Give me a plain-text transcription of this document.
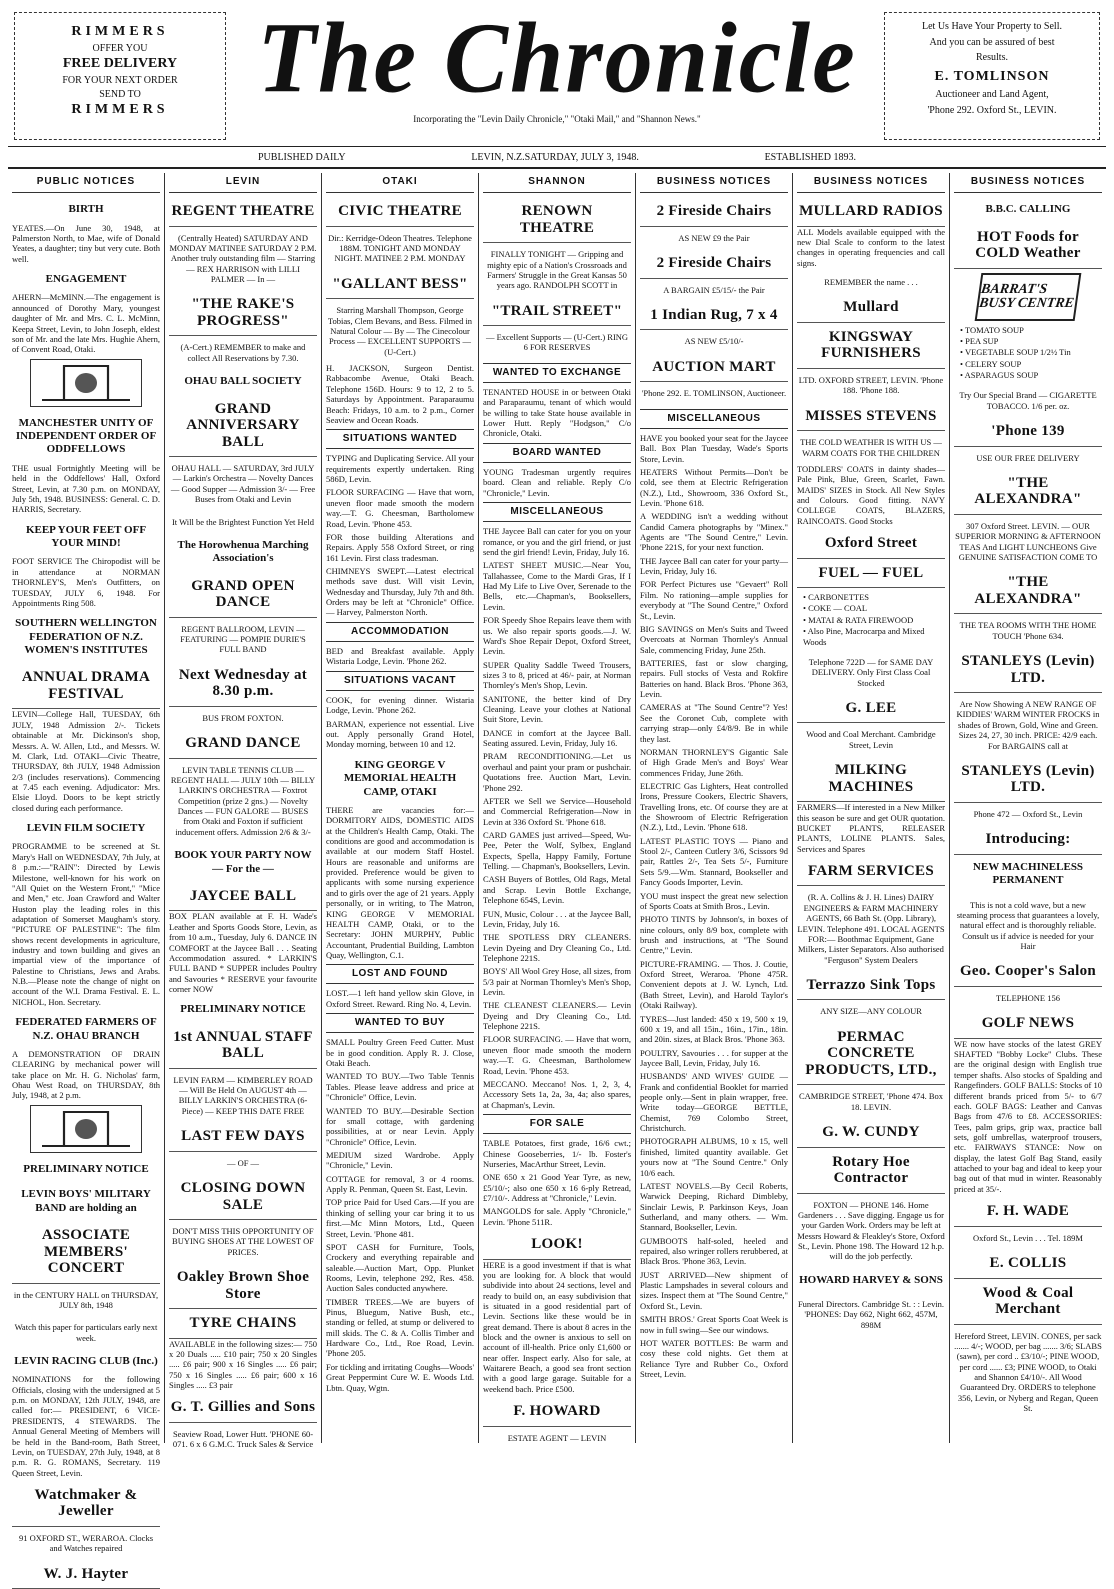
RIMMERS
OFFER YOU
FREE DELIVERY
FOR YOUR NEXT ORDER
SEND TO
RIMMERS The Chronicle
Incorporating the "Levin Daily Chronicle," "Otaki Mail," and "Shannon News."
Let Us Have Your Property to Sell.
And you can be assured of best
Results.
E. TOMLINSON
Auctioneer and Land Agent,
'Phone 292. Oxford St., LEVIN.
PUBLISHED DAILY	LEVIN, N.Z.SATURDAY, JULY 3, 1948.	ESTABLISHED 1893.
PUBLIC NOTICES
BIRTH

YEATES.—On June 30, 1948, at Palmerston North, to Mae, wife of Donald Yeates, a daughter; tiny but very cute. Both well.

ENGAGEMENT

AHERN—McMINN.—The engagement is announced of Dorothy Mary, youngest daughter of Mr. and Mrs. C. L. McMinn, Keepa Street, Levin, to John Joseph, eldest son of Mr. and the late Mrs. Hughie Ahern, of Convent Road, Otaki.

MANCHESTER UNITY OF INDEPENDENT ORDER OF ODDFELLOWS

THE usual Fortnightly Meeting will be held in the Oddfellows' Hall, Oxford Street, Levin, at 7.30 p.m. on MONDAY, July 5th, 1948. BUSINESS: General. C. D. HARRIS, Secretary.

KEEP YOUR FEET OFF YOUR MIND!

FOOT SERVICE The Chiropodist will be in attendance at NORMAN THORNLEY'S, Men's Outfitters, on TUESDAY, JULY 6, 1948. For Appointments Ring 508.

SOUTHERN WELLINGTON FEDERATION OF N.Z. WOMEN'S INSTITUTES
ANNUAL DRAMA FESTIVAL

LEVIN—College Hall, TUESDAY, 6th JULY, 1948 Admission 2/-. Tickets obtainable at Mr. Dickinson's shop, Messrs. A. W. Allen, Ltd., and Messrs. W. M. Clark, Ltd. OTAKI—Civic Theatre, THURSDAY, 8th JULY, 1948 Admission 2/3 (includes reservations). Commencing at 7.45 each evening. Adjudicator: Mrs. Elsie Lloyd. Doors to be kept strictly closed during each performance.

LEVIN FILM SOCIETY

PROGRAMME to be screened at St. Mary's Hall on WEDNESDAY, 7th July, at 8 p.m.:—"RAIN": Directed by Lewis Milestone, well-known for his work on "All Quiet on the Western Front," "Mice and Men," etc. Joan Crawford and Walter Huston play the leading roles in this adaptation of Somerset Maugham's story. "PICTURE OF PALESTINE": The film shows recent developments in agriculture, industry and town building and gives an impartial view of the importance of Palestine to Christians, Jews and Arabs. N.B.—Please note the change of night on account of the W.I. Drama Festival. E. L. NICHOL, Hon. Secretary.

FEDERATED FARMERS OF N.Z. OHAU BRANCH

A DEMONSTRATION OF DRAIN CLEARING by mechanical power will take place on Mr. H. G. Nicholas' farm, Ohau West Road, on THURSDAY, 8th July, 1948, at 2 p.m.

PRELIMINARY NOTICE
LEVIN BOYS' MILITARY BAND are holding an
ASSOCIATE MEMBERS' CONCERT

in the CENTURY HALL on THURSDAY, JULY 8th, 1948

Watch this paper for particulars early next week.

LEVIN RACING CLUB (Inc.)

NOMINATIONS for the following Officials, closing with the undersigned at 5 p.m. on MONDAY, 12th JULY, 1948, are called for:— PRESIDENT, 6 VICE-PRESIDENTS, 4 STEWARDS. The Annual General Meeting of Members will be held in the Band-room, Bath Street, Levin, on TUESDAY, 27th July, 1948, at 8 p.m. R. G. ROMANS, Secretary. 119 Queen Street, Levin.

Watchmaker & Jeweller

91 OXFORD ST., WERAROA. Clocks and Watches repaired

W. J. Hayter
LEVIN
REGENT THEATRE

(Centrally Heated) SATURDAY AND MONDAY MATINEE SATURDAY 2 P.M. Another truly outstanding film — Starring — REX HARRISON with LILLI PALMER — In —

"THE RAKE'S PROGRESS"

(A-Cert.) REMEMBER to make and collect All Reservations by 7.30.

OHAU BALL SOCIETY
GRAND ANNIVERSARY BALL

OHAU HALL — SATURDAY, 3rd JULY — Larkin's Orchestra — Novelty Dances — Good Supper — Admission 3/- — Free Buses from Otaki and Levin

It Will be the Brightest Function Yet Held

The Horowhenua Marching Association's
GRAND OPEN DANCE

REGENT BALLROOM, LEVIN — FEATURING — POMPIE DURIE'S FULL BAND

Next Wednesday at 8.30 p.m.

BUS FROM FOXTON.

GRAND DANCE

LEVIN TABLE TENNIS CLUB — REGENT HALL — JULY 10th — BILLY LARKIN'S ORCHESTRA — Foxtrot Competition (prize 2 gns.) — Novelty Dances — FUN GALORE — BUSES from Otaki and Foxton if sufficient inducement offers. Admission 2/6 & 3/-

BOOK YOUR PARTY NOW — For the —
JAYCEE BALL

BOX PLAN available at F. H. Wade's Leather and Sports Goods Store, Levin, as from 10 a.m., Tuesday, July 6. DANCE IN COMFORT at the Jaycee Ball . . . Seating Accommodation assured. * LARKIN'S FULL BAND * SUPPER includes Poultry and Savouries * RESERVE your favourite corner NOW

PRELIMINARY NOTICE
1st ANNUAL STAFF BALL

LEVIN FARM — KIMBERLEY ROAD — Will Be Held On AUGUST 4th — BILLY LARKIN'S ORCHESTRA (6-Piece) — KEEP THIS DATE FREE

LAST FEW DAYS

— OF —

CLOSING DOWN SALE

DON'T MISS THIS OPPORTUNITY OF BUYING SHOES AT THE LOWEST OF PRICES.

Oakley Brown Shoe Store
TYRE CHAINS

AVAILABLE in the following sizes:— 750 x 20 Duals ..... £10 pair; 750 x 20 Singles ..... £6 pair; 900 x 16 Singles ..... £6 pair; 750 x 16 Singles ..... £6 pair; 600 x 16 Singles ..... £3 pair

G. T. Gillies and Sons

Seaview Road, Lower Hutt. 'PHONE 60-071. 6 x 6 G.M.C. Truck Sales & Service

OTAKI
CIVIC THEATRE

Dir.: Kerridge-Odeon Theatres. Telephone 188M. TONIGHT AND MONDAY NIGHT. MATINEE 2 P.M. MONDAY

"GALLANT BESS"

Starring Marshall Thompson, George Tobias, Clem Bevans, and Bess. Filmed in Natural Colour — By — The Cinecolour Process — EXCELLENT SUPPORTS — (U-Cert.)

H. JACKSON, Surgeon Dentist. Rabbacombe Avenue, Otaki Beach. Telephone 156D. Hours: 9 to 12, 2 to 5. Saturdays by Appointment. Paraparaumu Beach: Fridays, 10 a.m. to 2 p.m., Corner Seaview and Ocean Roads.

SITUATIONS WANTED

TYPING and Duplicating Service. All your requirements expertly undertaken. Ring 586D, Levin.

FLOOR SURFACING — Have that worn, uneven floor made smooth the modern way.—T. G. Cheesman, Bartholomew Road, Levin. 'Phone 453.

FOR those building Alterations and Repairs. Apply 558 Oxford Street, or ring 161 Levin. First class tradesman.

CHIMNEYS SWEPT.—Latest electrical methods save dust. Will visit Levin, Wednesday and Thursday, July 7th and 8th. Orders may be left at "Chronicle" Office. — Harvey, Palmerston North.

ACCOMMODATION

BED and Breakfast available. Apply Wistaria Lodge, Levin. 'Phone 262.

SITUATIONS VACANT

COOK, for evening dinner. Wistaria Lodge, Levin. 'Phone 262.

BARMAN, experience not essential. Live out. Apply personally Grand Hotel, Monday morning, between 10 and 12.

KING GEORGE V MEMORIAL HEALTH CAMP, OTAKI

THERE are vacancies for:— DORMITORY AIDS, DOMESTIC AIDS at the Children's Health Camp, Otaki. The conditions are good and accommodation is available at our modern Staff Hostel. Hours are reasonable and uniforms are provided. Preference would be given to applicants with some nursing experience and to girls over the age of 21 years. Apply personally, or in writing, to The Matron, KING GEORGE V MEMORIAL HEALTH CAMP, Otaki, or to the Secretary: JOHN MURPHY, Public Accountant, Prudential Building, Lambton Quay, Wellington, C.1.

LOST AND FOUND

LOST.—1 left hand yellow skin Glove, in Oxford Street. Reward. Ring No. 4, Levin.

WANTED TO BUY

SMALL Poultry Green Feed Cutter. Must be in good condition. Apply R. J. Close, Otaki Beach.

WANTED TO BUY.—Two Table Tennis Tables. Please leave address and price at "Chronicle" Office, Levin.

WANTED TO BUY.—Desirable Section for small cottage, with gardening possibilities, at or near Levin. Apply "Chronicle" Office, Levin.

MEDIUM sized Wardrobe. Apply "Chronicle," Levin.

COTTAGE for removal, 3 or 4 rooms. Apply R. Penman, Queen St. East, Levin.

TOP price Paid for Used Cars.—If you are thinking of selling your car bring it to us first.—Mc Minn Motors, Ltd., Queen Street, Levin. 'Phone 481.

SPOT CASH for Furniture, Tools, Crockery and everything repairable and saleable.—Auction Mart, Opp. Plunket Rooms, Levin, telephone 292, Res. 458. Auction Sales conducted anywhere.

TIMBER TREES.—We are buyers of Pinus, Bluegum, Native Bush, etc., standing or felled, at stump or delivered to mill skids. The C. & A. Collis Timber and Hardware Co., Ltd., Roe Road, Levin. 'Phone 205.

For tickling and irritating Coughs—Woods' Great Peppermint Cure W. E. Woods Ltd. Lbtn. Quay, Wgtn.

SHANNON
RENOWN THEATRE

FINALLY TONIGHT — Gripping and mighty epic of a Nation's Crossroads and Farmers' Struggle in the Great Kansas 50 years ago. RANDOLPH SCOTT in

"TRAIL STREET"

— Excellent Supports — (U-Cert.) RING 6 FOR RESERVES

WANTED TO EXCHANGE

TENANTED HOUSE in or between Otaki and Paraparaumu, tenant of which would be willing to take State house available in Lower Hutt. Reply "Hodgson," C/o Chronicle, Otaki.

BOARD WANTED

YOUNG Tradesman urgently requires board. Clean and reliable. Reply C/o "Chronicle," Levin.

MISCELLANEOUS

THE Jaycee Ball can cater for you on your romance, or you and the girl friend, or just send the girl friend! Levin, Friday, July 16.

LATEST SHEET MUSIC.—Near You, Tallahassee, Come to the Mardi Gras, If I Had My Life to Live Over, Serenade to the Bells, etc.—Chapman's, Booksellers, Levin.

FOR Speedy Shoe Repairs leave them with us. We also repair sports goods.—J. W. Ward's Shoe Repair Depot, Oxford Street, Levin.

SUPER Quality Saddle Tweed Trousers, sizes 3 to 8, priced at 46/- pair, at Norman Thornley's Men's Shop, Levin.

SANITONE, the better kind of Dry Cleaning. Leave your clothes at National Suit Store, Levin.

DANCE in comfort at the Jaycee Ball. Seating assured. Levin, Friday, July 16.

PRAM RECONDITIONING.—Let us overhaul and paint your pram or pushchair. Quotations free. Auction Mart, Levin. 'Phone 292.

AFTER we Sell we Service—Household and Commercial Refrigeration—Now in Levin at 336 Oxford St. 'Phone 618.

CARD GAMES just arrived—Speed, Wu-Pee, Peter the Wolf, Sylbex, England Expects, Spella, Happy Family, Fortune Telling. — Chapman's, Booksellers, Levin.

CASH Buyers of Bottles, Old Rags, Metal and Scrap. Levin Bottle Exchange, Telephone 654S, Levin.

FUN, Music, Colour . . . at the Jaycee Ball, Levin, Friday, July 16.

THE SPOTLESS DRY CLEANERS. Levin Dyeing and Dry Cleaning Co., Ltd. Telephone 221S.

BOYS' All Wool Grey Hose, all sizes, from 5/3 pair at Norman Thornley's Men's Shop, Levin.

THE CLEANEST CLEANERS.— Levin Dyeing and Dry Cleaning Co., Ltd. Telephone 221S.

FLOOR SURFACING. — Have that worn, uneven floor made smooth the modern way.—T. G. Cheesman, Bartholomew Road, Levin. 'Phone 453.

MECCANO. Meccano! Nos. 1, 2, 3, 4, Accessory Sets 1a, 2a, 3a, 4a; also spares, at Chapman's, Levin.

FOR SALE

TABLE Potatoes, first grade, 16/6 cwt.; Chinese Gooseberries, 1/- lb. Foster's Nurseries, MacArthur Street, Levin.

ONE 650 x 21 Good Year Tyre, as new, £5/10/-; also one 650 x 16 6-ply Retread, £7/10/-. Address at "Chronicle," Levin.

MANGOLDS for sale. Apply "Chronicle," Levin. 'Phone 511R.

LOOK!

HERE is a good investment if that is what you are looking for. A block that would subdivide into about 24 sections, level and ready to build on, an easy subdivision that is situated in a good residential part of Levin. Sections like these would be in great demand. There is about 8 acres in the block and the owner is anxious to sell on account of ill-health. Price only £1,600 or near offer. Inspect early. Also for sale, at Waitarere Beach, a good sea front section with a good large garage. Suitable for a weekend bach. Price £500.

F. HOWARD

ESTATE AGENT — LEVIN

BUSINESS NOTICES
2 Fireside Chairs

AS NEW £9 the Pair

2 Fireside Chairs

A BARGAIN £5/15/- the Pair

1 Indian Rug, 7 x 4

AS NEW £5/10/-

AUCTION MART

'Phone 292. E. TOMLINSON, Auctioneer.

MISCELLANEOUS

HAVE you booked your seat for the Jaycee Ball. Box Plan Tuesday, Wade's Sports Store, Levin.

HEATERS Without Permits—Don't be cold, see them at Electric Refrigeration (N.Z.), Ltd., Showroom, 336 Oxford St., Levin. 'Phone 618.

A WEDDING isn't a wedding without Candid Camera photographs by "Minex." Agents are "The Sound Centre," Levin. 'Phone 221S, for your next function.

THE Jaycee Ball can cater for your party—Levin, Friday, July 16.

FOR Perfect Pictures use "Gevaert" Roll Film. No rationing—ample supplies for everybody at "The Sound Centre," Oxford St., Levin.

BIG SAVINGS on Men's Suits and Tweed Overcoats at Norman Thornley's Annual Sale, commencing Friday, June 25th.

BATTERIES, fast or slow charging, repairs. Full stocks of Vesta and Rokfire Batteries on hand. Black Bros. 'Phone 363, Levin.

CAMERAS at "The Sound Centre"? Yes! See the Coronet Cub, complete with carrying strap—only £4/8/9. Be in while they last.

NORMAN THORNLEY'S Gigantic Sale of High Grade Men's and Boys' Wear commences Friday, June 26th.

ELECTRIC Gas Lighters, Heat controlled Irons, Pressure Cookers, Electric Shavers, Travelling Irons, etc. Of course they are at the Showroom of Electric Refrigeration (N.Z.), Ltd., Levin. 'Phone 618.

LATEST PLASTIC TOYS — Piano and Stool 2/-, Canteen Cutlery 3/6, Scissors 9d pair, Rattles 2/-, Tea Sets 5/-, Furniture Sets 5/9.—Wm. Stannard, Bookseller and Fancy Goods Importer, Levin.

YOU must inspect the great new selection of Sports Coats at Smith Bros., Levin.

PHOTO TINTS by Johnson's, in boxes of nine colours, only 8/9 box, complete with brush and instructions, at "The Sound Centre," Levin.

PICTURE-FRAMING. — Thos. J. Coutie, Oxford Street, Weraroa. 'Phone 475R. Convenient depots at J. W. Lynch, Ltd. (Bath Street, Levin), and Harold Taylor's (Otaki Railway).

TYRES—Just landed: 450 x 19, 500 x 19, 600 x 19, and all 15in., 16in., 17in., 18in. and 20in. sizes, at Black Bros. 'Phone 363.

POULTRY, Savouries . . . for supper at the Jaycee Ball, Levin, Friday, July 16.

HUSBANDS' AND WIVES' GUIDE —Frank and confidential Booklet for married people only.—Sent in plain wrapper, free. Write today—GEORGE BETTLE, Chemist, 769 Colombo Street, Christchurch.

PHOTOGRAPH ALBUMS, 10 x 15, well finished, limited quantity available. Get yours now at "The Sound Centre." Only 10/6 each.

LATEST NOVELS.—By Cecil Roberts, Warwick Deeping, Richard Dimbleby, Sinclair Lewis, P. Parkinson Keys, Joan Sutherland, and many others. — Wm. Stannard, Bookseller, Levin.

GUMBOOTS half-soled, heeled and repaired, also wringer rollers rerubbered, at Black Bros. 'Phone 363, Levin.

JUST ARRIVED—New shipment of Plastic Lampshades in several colours and sizes. Inspect them at "The Sound Centre," Oxford St., Levin.

SMITH BROS.' Great Sports Coat Week is now in full swing—See our windows.

HOT WATER BOTTLES: Be warm and cosy these cold nights. Get them at Reliance Tyre and Rubber Co., Oxford Street, Levin.

BUSINESS NOTICES
MULLARD RADIOS

ALL Models available equipped with the new Dial Scale to conform to the latest changes in operating frequencies and call signs.

REMEMBER the name . . .

Mullard
KINGSWAY FURNISHERS

LTD. OXFORD STREET, LEVIN. 'Phone 188. 'Phone 188.

MISSES STEVENS

THE COLD WEATHER IS WITH US — WARM COATS FOR THE CHILDREN

TODDLERS' COATS in dainty shades—Pale Pink, Blue, Green, Scarlet, Fawn. MAIDS' SIZES in Stock. All New Styles and Colours. Good fitting. NAVY COLLEGE COATS, BLAZERS, RAINCOATS. Good Stocks

Oxford Street
FUEL — FUEL
• CARBONETTES
• COKE — COAL
• MATAI & RATA FIREWOOD
• Also Pine, Macrocarpa and Mixed Woods

Telephone 722D — for SAME DAY DELIVERY. Only First Class Coal Stocked

G. LEE

Wood and Coal Merchant. Cambridge Street, Levin

MILKING MACHINES

FARMERS—If interested in a New Milker this season be sure and get OUR quotation. BUCKET PLANTS, RELEASER PLANTS, LOLINE PLANTS. Sales, Services and Spares

FARM SERVICES

(R. A. Collins & J. H. Lines) DAIRY ENGINEERS & FARM MACHINERY AGENTS, 66 Bath St. (Opp. Library), LEVIN. Telephone 491. LOCAL AGENTS FOR:— Boothmac Equipment, Gane Milkers, Lister Separators. Also authorised "Ferguson" System Dealers

Terrazzo Sink Tops

ANY SIZE—ANY COLOUR

PERMAC CONCRETE PRODUCTS, LTD.,

CAMBRIDGE STREET, 'Phone 474. Box 18. LEVIN.

G. W. CUNDY
Rotary Hoe Contractor

FOXTON — PHONE 146. Home Gardeners . . . Save digging. Engage us for your Garden Work. Orders may be left at Messrs Howard & Fleakley's Store, Oxford St., Levin. Phone 198. The Howard 12 h.p. will do the job perfectly.

HOWARD HARVEY & SONS

Funeral Directors. Cambridge St. : : Levin. 'PHONES: Day 662, Night 662, 457M, 898M

BUSINESS NOTICES
B.B.C. CALLING
HOT Foods for COLD Weather
BARRAT'S BUSY CENTRE
• TOMATO SOUP
• PEA SUP
• VEGETABLE SOUP 1/2½ Tin
• CELERY SOUP
• ASPARAGUS SOUP

Try Our Special Brand — CIGARETTE TOBACCO. 1/6 per. oz.

'Phone 139

USE OUR FREE DELIVERY

"THE ALEXANDRA"

307 Oxford Street. LEVIN. — OUR SUPERIOR MORNING & AFTERNOON TEAS And LIGHT LUNCHEONS Give GENUINE SATISFACTION COME TO

"THE ALEXANDRA"

THE TEA ROOMS WITH THE HOME TOUCH 'Phone 634.

STANLEYS (Levin) LTD.

Are Now Showing A NEW RANGE OF KIDDIES' WARM WINTER FROCKS in shades of Brown, Gold, Wine and Green. Sizes 24, 27, 30 inch. PRICE: 42/9 each. For BARGAINS call at

STANLEYS (Levin) LTD.

Phone 472 — Oxford St., Levin

Introducing:
NEW MACHINELESS PERMANENT

This is not a cold wave, but a new steaming process that guarantees a lovely, natural effect and is thoroughly reliable. Consult us if advice is needed for your Hair

Geo. Cooper's Salon

TELEPHONE 156

GOLF NEWS

WE now have stocks of the latest GREY SHAFTED "Bobby Locke" Clubs. These are the original design with English true temper shafts. Also stocks of Spalding and Rangefinders. GOLF BALLS: Stocks of 10 different brands priced from 5/- to 6/7 each. GOLF BAGS: Leather and Canvas Bags from 47/6 to £8. ACCESSORIES: Tees, palm grips, grip wax, practice ball sets, golf umbrellas, waterproof trousers, etc. FAIRWAYS STANCE: Now on display, the latest Golf Bag Stand, easily attached to your bag and ideal to keep your bag out of that mud in winter. Reasonably priced at 35/-.

F. H. WADE

Oxford St., Levin . . . Tel. 189M

E. COLLIS
Wood & Coal Merchant

Hereford Street, LEVIN. CONES, per sack ....... 4/-; WOOD, per bag ....... 3/6; SLABS (sawn), per cord .. £3/10/-; PINE WOOD, per cord ...... £3; PINE WOOD, to Otaki and Shannon £4/10/-. All Wood Guaranteed Dry. ORDERS to telephone 356, Levin, or Nyberg and Regan, Queen St.
